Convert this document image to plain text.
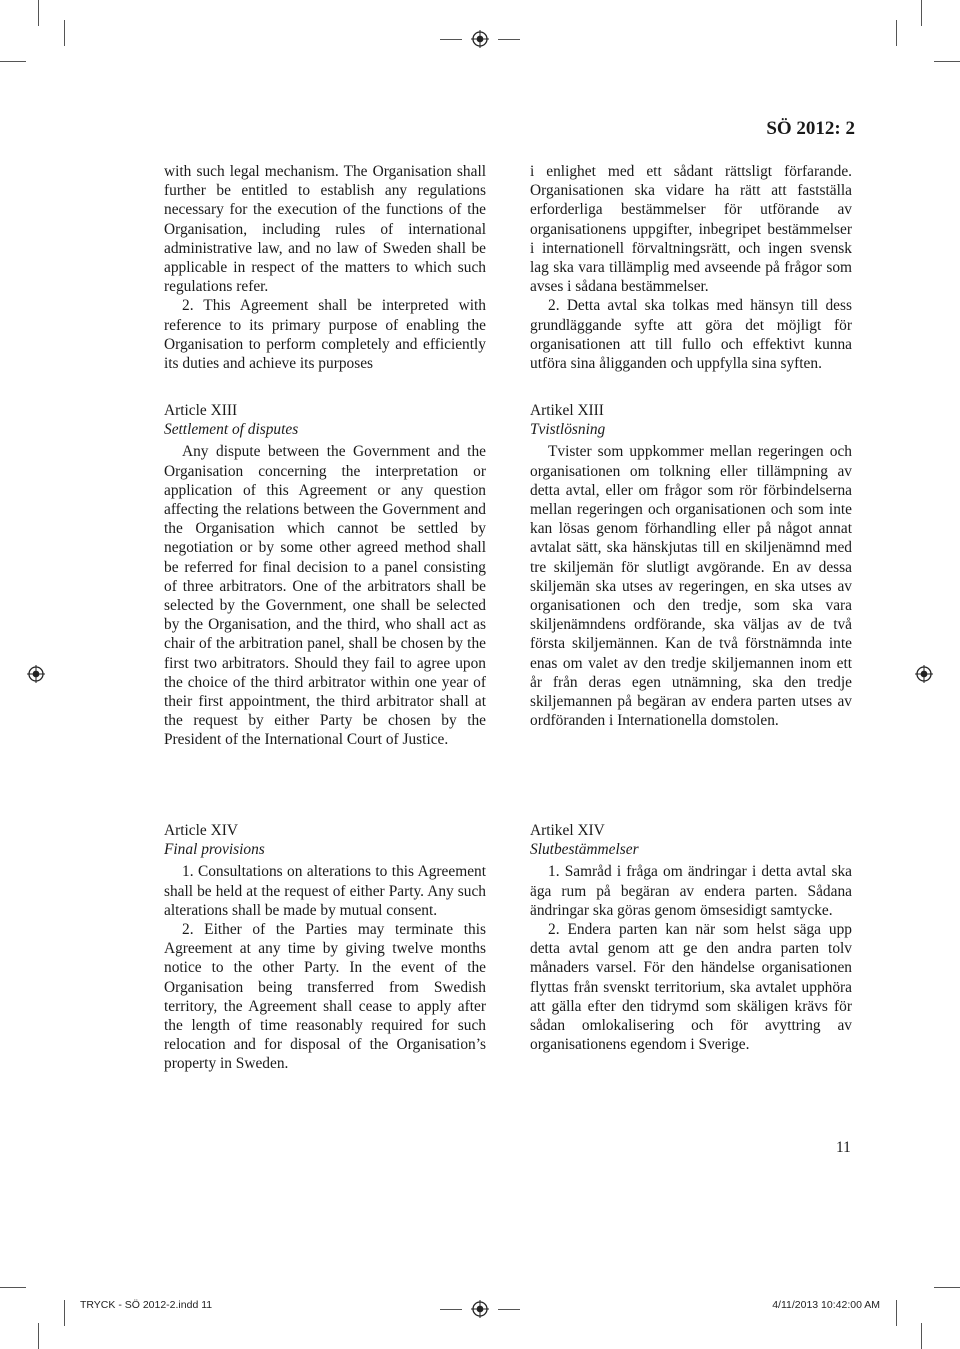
SÖ 2012: 2

with such legal mechanism. The Organisation shall further be entitled to establish any regulations necessary for the execution of the functions of the Organisation, including rules of international administrative law, and no law of Sweden shall be applicable in respect of the matters to which such regulations refer.

2. This Agreement shall be interpreted with reference to its primary purpose of enabling the Organisation to perform completely and efficiently its duties and achieve its purposes

i enlighet med ett sådant rättsligt förfarande. Organisationen ska vidare ha rätt att fastställa erforderliga bestämmelser för utförande av organisationens uppgifter, inbegripet bestämmelser i internationell förvaltningsrätt, och ingen svensk lag ska vara tillämplig med avseende på frågor som avses i sådana bestämmelser.

2. Detta avtal ska tolkas med hänsyn till dess grundläggande syfte att göra det möjligt för organisationen att till fullo och effektivt kunna utföra sina åligganden och uppfylla sina syften.

Article XIII
Settlement of disputes

Any dispute between the Government and the Organisation concerning the interpretation or application of this Agreement or any question affecting the relations between the Government and the Organisation which cannot be settled by negotiation or by some other agreed method shall be referred for final decision to a panel consisting of three arbitrators. One of the arbitrators shall be selected by the Government, one shall be selected by the Organisation, and the third, who shall act as chair of the arbitration panel, shall be chosen by the first two arbitrators. Should they fail to agree upon the choice of the third arbitrator within one year of their first appointment, the third arbitrator shall at the request by either Party be chosen by the President of the International Court of Justice.

Artikel XIII
Tvistlösning

Tvister som uppkommer mellan regeringen och organisationen om tolkning eller tillämpning av detta avtal, eller om frågor som rör förbindelserna mellan regeringen och organisationen och som inte kan lösas genom förhandling eller på något annat avtalat sätt, ska hänskjutas till en skiljenämnd med tre skiljemän för slutligt avgörande. En av dessa skiljemän ska utses av regeringen, en ska utses av organisationen och den tredje, som ska vara skiljenämndens ordförande, ska väljas av de två första skiljemännen. Kan de två förstnämnda inte enas om valet av den tredje skiljemannen inom ett år från deras egen utnämning, ska den tredje skiljemannen på begäran av endera parten utses av ordföranden i Internationella domstolen.

Article XIV
Final provisions

1. Consultations on alterations to this Agreement shall be held at the request of either Party. Any such alterations shall be made by mutual consent.

2. Either of the Parties may terminate this Agreement at any time by giving twelve months notice to the other Party. In the event of the Organisation being transferred from Swedish territory, the Agreement shall cease to apply after the length of time reasonably required for such relocation and for disposal of the Organisation’s property in Sweden.

Artikel XIV
Slutbestämmelser

1. Samråd i fråga om ändringar i detta avtal ska äga rum på begäran av endera parten. Sådana ändringar ska göras genom ömsesidigt samtycke.

2. Endera parten kan när som helst säga upp detta avtal genom att ge den andra parten tolv månaders varsel. För den händelse organisationen flyttas från svenskt territorium, ska avtalet upphöra att gälla efter den tidrymd som skäligen krävs för sådan omlokalisering och för avyttring av organisationens egendom i Sverige.

11
TRYCK - SÖ 2012-2.indd 11	4/11/2013 10:42:00 AM
